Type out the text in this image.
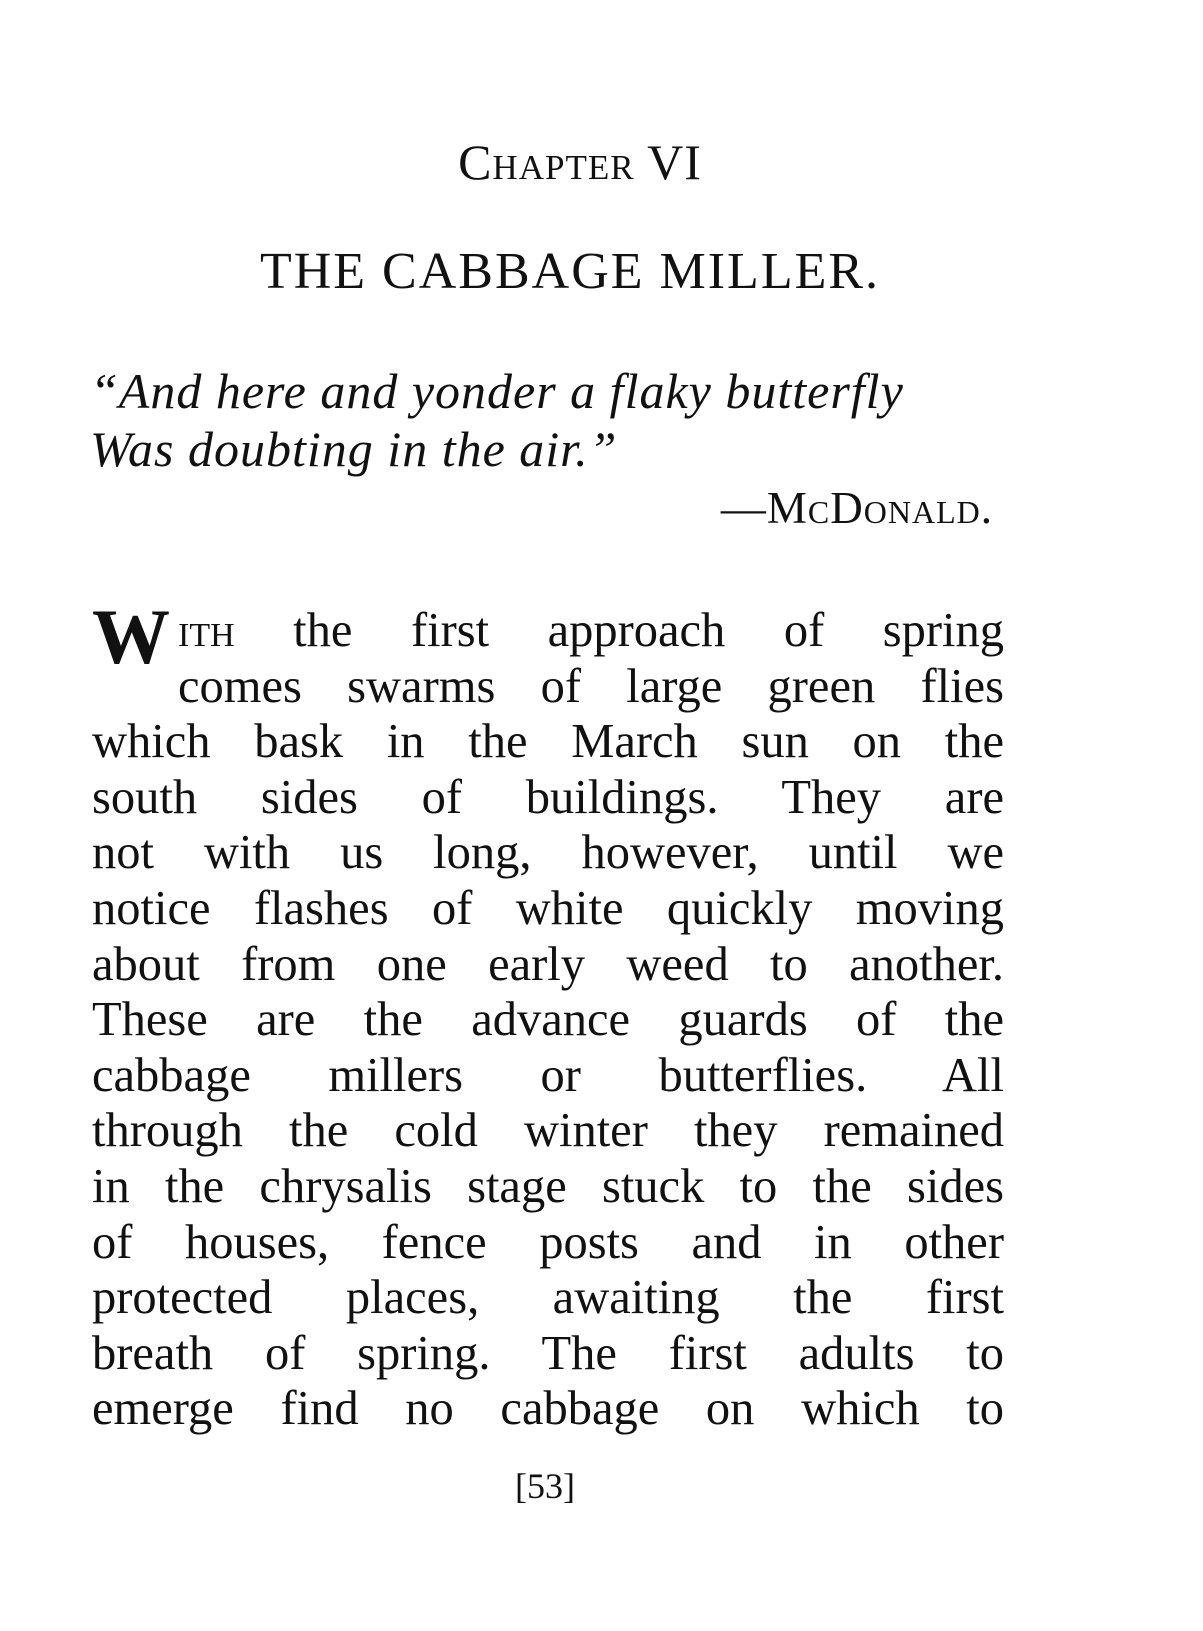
Chapter VI
THE CABBAGE MILLER.
“And here and yonder a flaky butterfly
Was doubting in the air.”
—McDonald.
W ith the first approach of spring
comes swarms of large green flies
which bask in the March sun on the
south sides of buildings. They are
not with us long, however, until we
notice flashes of white quickly moving
about from one early weed to another.
These are the advance guards of the
cabbage millers or butterflies. All
through the cold winter they remained
in the chrysalis stage stuck to the sides
of houses, fence posts and in other
protected places, awaiting the first
breath of spring. The first adults to
emerge find no cabbage on which to
[53]
